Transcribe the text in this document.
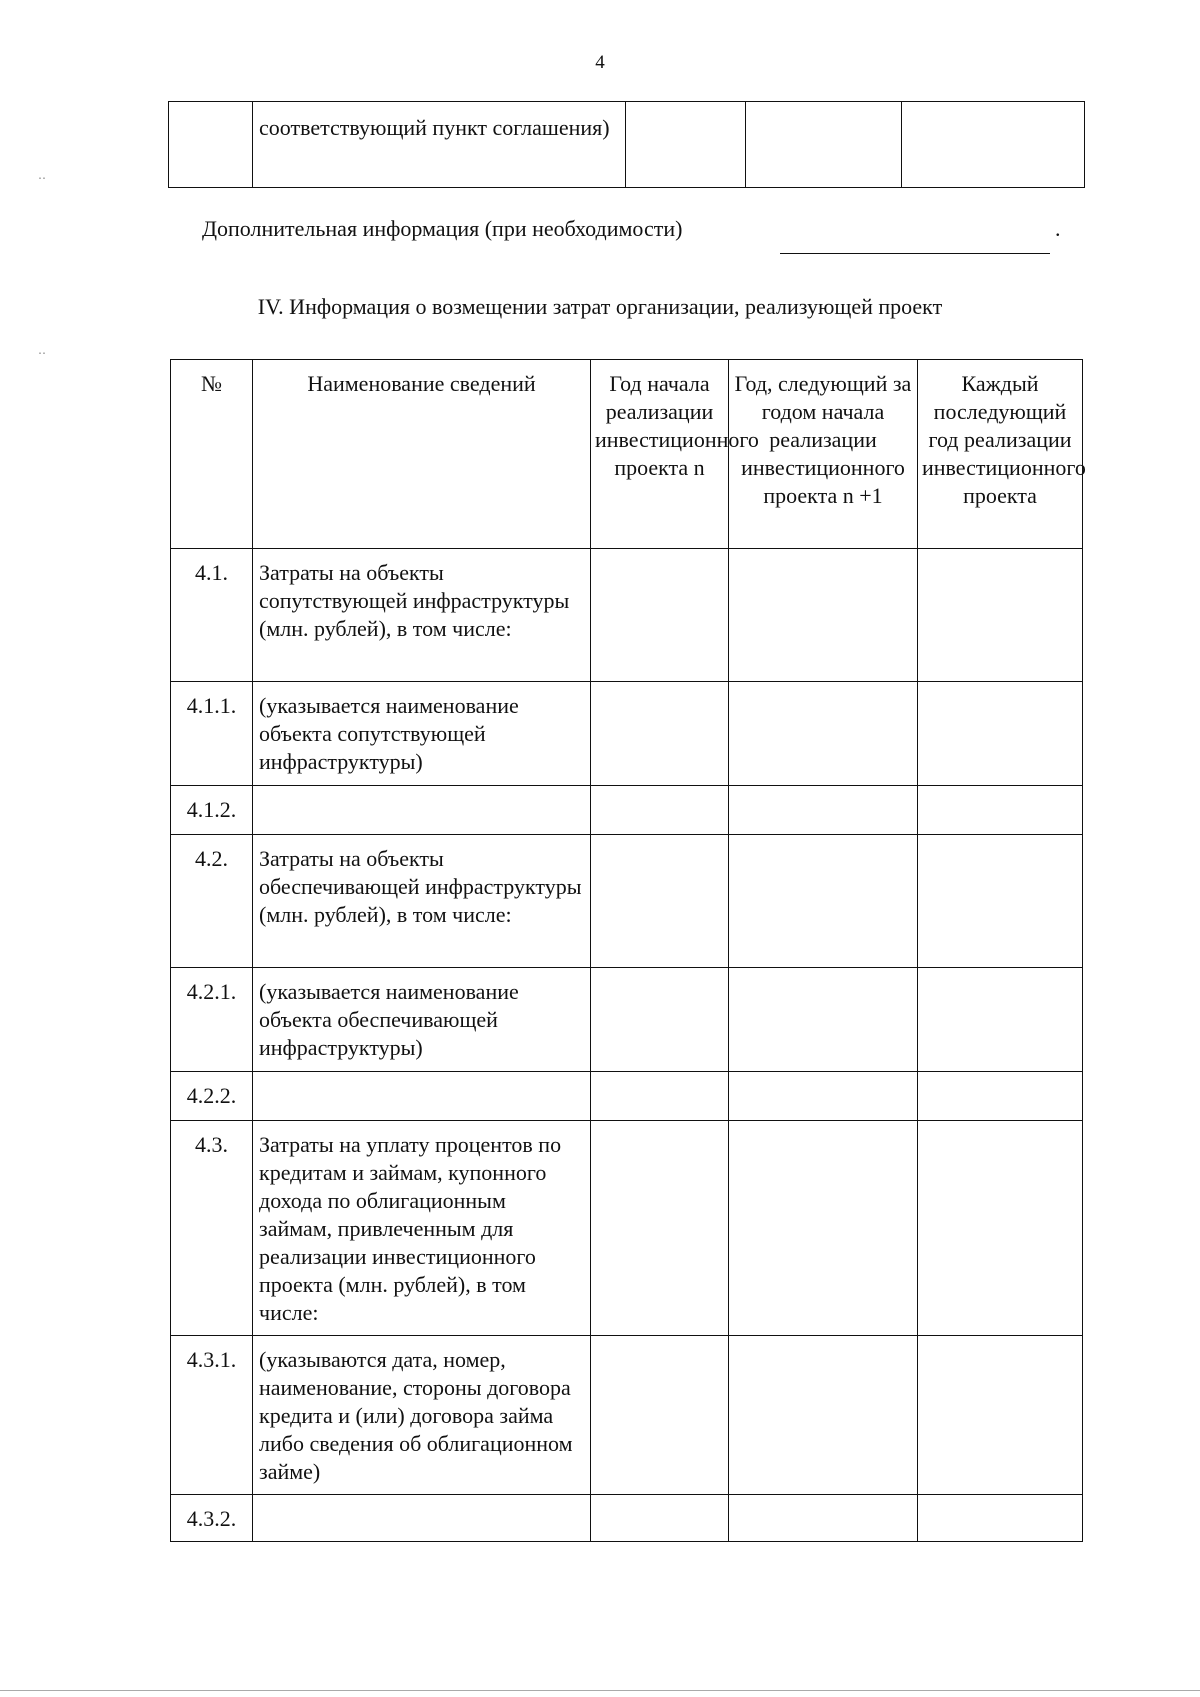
4
	соответствующий пункт соглашения)			
Дополнительная информация (при необходимости)	.
IV. Информация о возмещении затрат организации, реализующей проект
№	Наименование сведений	Год начала реализации инвестиционного проекта n	Год, следующий за годом начала реализации инвестиционного проекта n +1	Каждый последующий год реализации инвестиционного проекта
4.1.	Затраты на объекты сопутствующей инфраструктуры (млн. рублей), в том числе:			
4.1.1.	(указывается наименование объекта сопутствующей инфраструктуры)			
4.1.2.				
4.2.	Затраты на объекты обеспечивающей инфраструктуры (млн. рублей), в том числе:			
4.2.1.	(указывается наименование объекта обеспечивающей инфраструктуры)			
4.2.2.				
4.3.	Затраты на уплату процентов по кредитам и займам, купонного дохода по облигационным займам, привлеченным для реализации инвестиционного проекта (млн. рублей), в том числе:			
4.3.1.	(указываются дата, номер, наименование, стороны договора кредита и (или) договора займа либо сведения об облигационном займе)			
4.3.2.				
‥
‥
